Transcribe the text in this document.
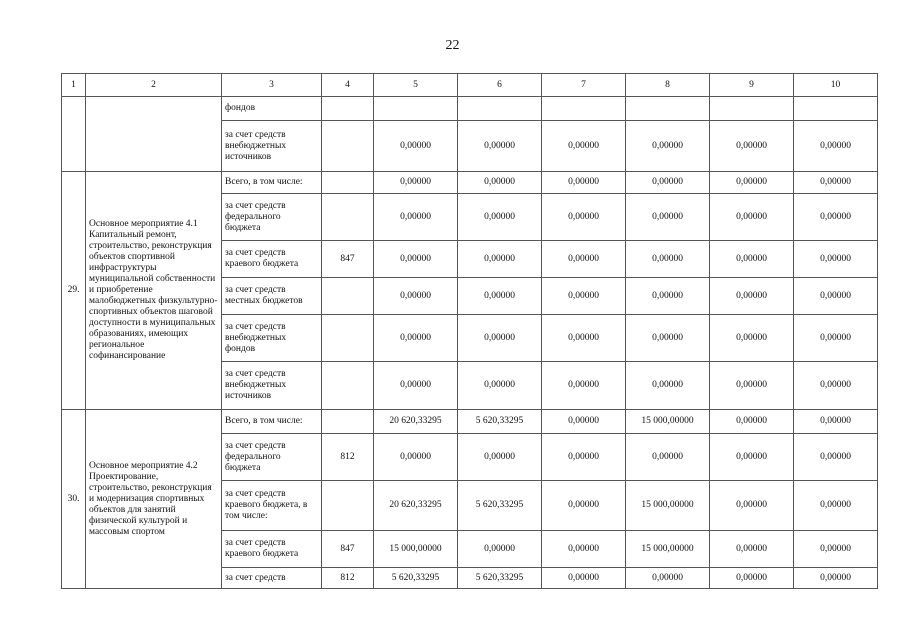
22
1	2	3	4	5	6	7	8	9	10
		фондов							
		за счет средств внебюджетных источников		0,00000	0,00000	0,00000	0,00000	0,00000	0,00000
29.	Основное мероприятие 4.1 Капитальный ремонт, строительство, реконструкция объектов спортивной инфраструктуры муниципальной собственности и приобретение малобюджетных физкультурно-спортивных объектов шаговой доступности в муниципальных образованиях, имеющих региональное софинансирование	Всего, в том числе:		0,00000	0,00000	0,00000	0,00000	0,00000	0,00000
		за счет средств федерального бюджета		0,00000	0,00000	0,00000	0,00000	0,00000	0,00000
		за счет средств краевого бюджета	847	0,00000	0,00000	0,00000	0,00000	0,00000	0,00000
		за счет средств местных бюджетов		0,00000	0,00000	0,00000	0,00000	0,00000	0,00000
		за счет средств внебюджетных фондов		0,00000	0,00000	0,00000	0,00000	0,00000	0,00000
		за счет средств внебюджетных источников		0,00000	0,00000	0,00000	0,00000	0,00000	0,00000
30.	Основное мероприятие 4.2 Проектирование, строительство, реконструкция и модернизация спортивных объектов для занятий физической культурой и массовым спортом	Всего, в том числе:		20 620,33295	5 620,33295	0,00000	15 000,00000	0,00000	0,00000
		за счет средств федерального бюджета	812	0,00000	0,00000	0,00000	0,00000	0,00000	0,00000
		за счет средств краевого бюджета, в том числе:		20 620,33295	5 620,33295	0,00000	15 000,00000	0,00000	0,00000
		за счет средств краевого бюджета	847	15 000,00000	0,00000	0,00000	15 000,00000	0,00000	0,00000
		за счет средств	812	5 620,33295	5 620,33295	0,00000	0,00000	0,00000	0,00000
